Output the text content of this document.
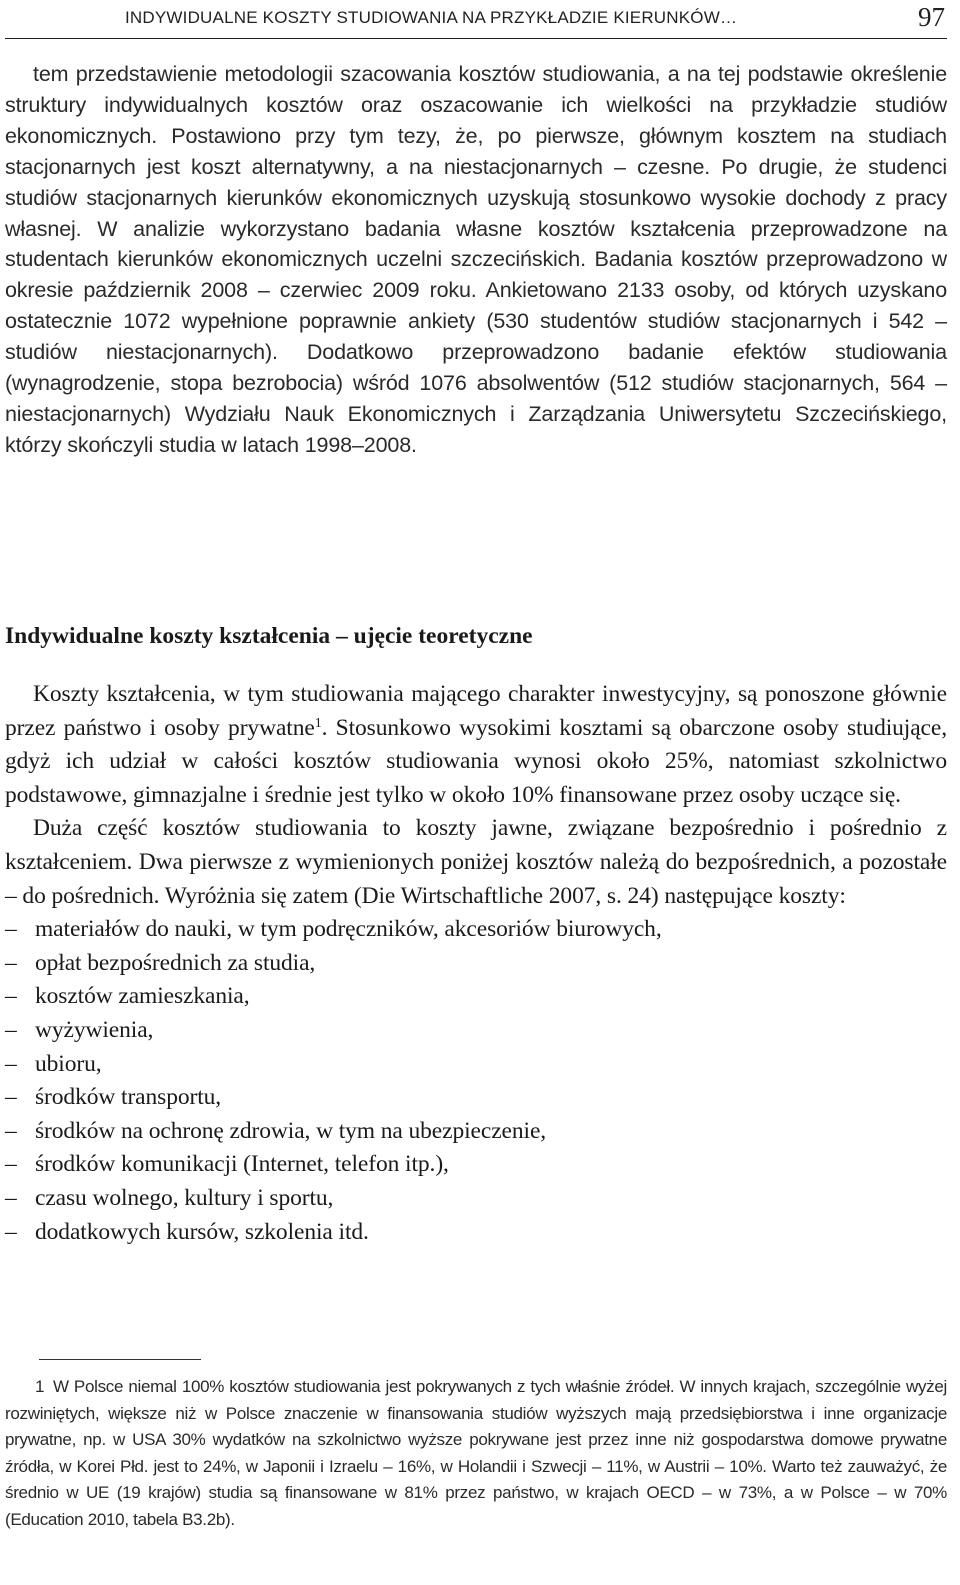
INDYWIDUALNE KOSZTY STUDIOWANIA NA PRZYKŁADZIE KIERUNKÓW…	97

tem przedstawienie metodologii szacowania kosztów studiowania, a na tej podstawie określenie struktury indywidualnych kosztów oraz oszacowanie ich wielkości na przykładzie studiów ekonomicznych. Postawiono przy tym tezy, że, po pierwsze, głównym kosztem na studiach stacjonarnych jest koszt alternatywny, a na niestacjonarnych – czesne. Po drugie, że studenci studiów stacjonarnych kierunków ekonomicznych uzyskują stosunkowo wysokie dochody z pracy własnej. W analizie wykorzystano badania własne kosztów kształcenia przeprowadzone na studentach kierunków ekonomicznych uczelni szczecińskich. Badania kosztów przeprowadzono w okresie październik 2008 – czerwiec 2009 roku. Ankietowano 2133 osoby, od których uzyskano ostatecznie 1072 wypełnione poprawnie ankiety (530 studentów studiów stacjonarnych i 542 – studiów niestacjonarnych). Dodatkowo przeprowadzono badanie efektów studiowania (wynagrodzenie, stopa bezrobocia) wśród 1076 absolwentów (512 studiów stacjonarnych, 564 – niestacjonarnych) Wydziału Nauk Ekonomicznych i Zarządzania Uniwersytetu Szczecińskiego, którzy skończyli studia w latach 1998–2008.

Indywidualne koszty kształcenia – ujęcie teoretyczne

Koszty kształcenia, w tym studiowania mającego charakter inwestycyjny, są ponoszone głównie przez państwo i osoby prywatne$^1$. Stosunkowo wysokimi kosztami są obarczone osoby studiujące, gdyż ich udział w całości kosztów studiowania wynosi około 25%, natomiast szkolnictwo podstawowe, gimnazjalne i średnie jest tylko w około 10% finansowane przez osoby uczące się.

Duża część kosztów studiowania to koszty jawne, związane bezpośrednio i pośrednio z kształceniem. Dwa pierwsze z wymienionych poniżej kosztów należą do bezpośrednich, a pozostałe – do pośrednich. Wyróżnia się zatem (Die Wirtschaftliche 2007, s. 24) następujące koszty:

– materiałów do nauki, w tym podręczników, akcesoriów biurowych,
– opłat bezpośrednich za studia,
– kosztów zamieszkania,
– wyżywienia,
– ubioru,
– środków transportu,
– środków na ochronę zdrowia, w tym na ubezpieczenie,
– środków komunikacji (Internet, telefon itp.),
– czasu wolnego, kultury i sportu,
– dodatkowych kursów, szkolenia itd.

1 W Polsce niemal 100% kosztów studiowania jest pokrywanych z tych właśnie źródeł. W innych krajach, szczególnie wyżej rozwiniętych, większe niż w Polsce znaczenie w finansowania studiów wyższych mają przedsiębiorstwa i inne organizacje prywatne, np. w USA 30% wydatków na szkolnictwo wyższe pokrywane jest przez inne niż gospodarstwa domowe prywatne źródła, w Korei Płd. jest to 24%, w Japonii i Izraelu – 16%, w Holandii i Szwecji – 11%, w Austrii – 10%. Warto też zauważyć, że średnio w UE (19 krajów) studia są finansowane w 81% przez państwo, w krajach OECD – w 73%, a w Polsce – w 70% (Education 2010, tabela B3.2b).
